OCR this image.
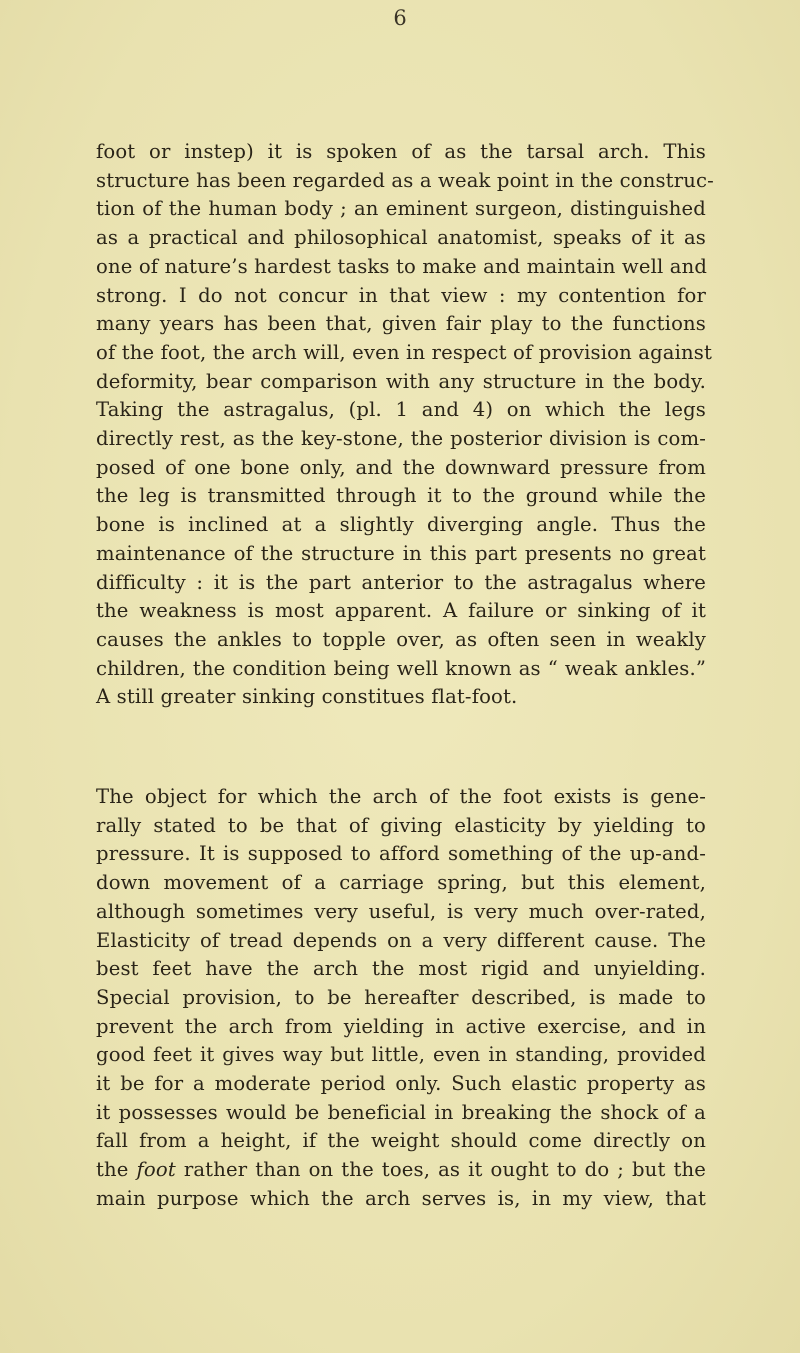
6

foot or instep) it is spoken of as the tarsal arch. This
structure has been regarded as a weak point in the construc-
tion of the human body ; an eminent surgeon, distinguished
as a practical and philosophical anatomist, speaks of it as
one of nature’s hardest tasks to make and maintain well and
strong. I do not concur in that view : my contention for
many years has been that, given fair play to the functions
of the foot, the arch will, even in respect of provision against
deformity, bear comparison with any structure in the body.
Taking the astragalus, (pl. 1 and 4) on which the legs
directly rest, as the key-stone, the posterior division is com-
posed of one bone only, and the downward pressure from
the leg is transmitted through it to the ground while the
bone is inclined at a slightly diverging angle. Thus the
maintenance of the structure in this part presents no great
difficulty : it is the part anterior to the astragalus where
the weakness is most apparent. A failure or sinking of it
causes the ankles to topple over, as often seen in weakly
children, the condition being well known as “ weak ankles.”
A still greater sinking constitues flat-foot.

The object for which the arch of the foot exists is gene-
rally stated to be that of giving elasticity by yielding to
pressure. It is supposed to afford something of the up-and-
down movement of a carriage spring, but this element,
although sometimes very useful, is very much over-rated,
Elasticity of tread depends on a very different cause. The
best feet have the arch the most rigid and unyielding.
Special provision, to be hereafter described, is made to
prevent the arch from yielding in active exercise, and in
good feet it gives way but little, even in standing, provided
it be for a moderate period only. Such elastic property as
it possesses would be beneficial in breaking the shock of a
fall from a height, if the weight should come directly on
the foot rather than on the toes, as it ought to do ; but the
main purpose which the arch serves is, in my view, that
